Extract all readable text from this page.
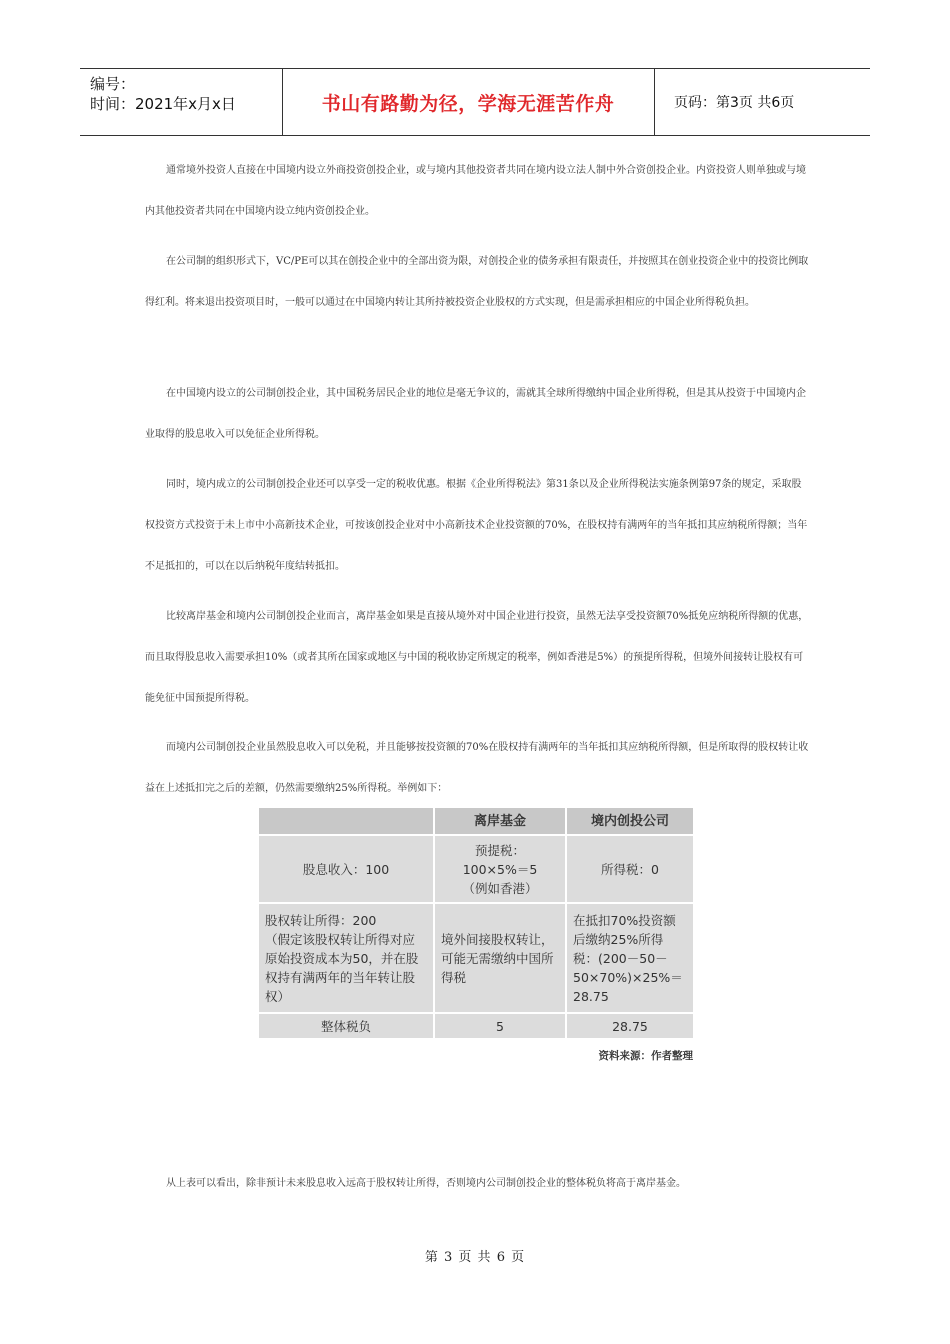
编号：
时间：2021年x月x日	书山有路勤为径，学海无涯苦作舟	页码：第3页 共6页

通常境外投资人直接在中国境内设立外商投资创投企业，或与境内其他投资者共同在境内设立法人制中外合资创投企业。内资投资人则单独或与境内其他投资者共同在中国境内设立纯内资创投企业。

在公司制的组织形式下，VC/PE可以其在创投企业中的全部出资为限，对创投企业的债务承担有限责任，并按照其在创业投资企业中的投资比例取得红利。将来退出投资项目时，一般可以通过在中国境内转让其所持被投资企业股权的方式实现，但是需承担相应的中国企业所得税负担。

在中国境内设立的公司制创投企业，其中国税务居民企业的地位是毫无争议的，需就其全球所得缴纳中国企业所得税，但是其从投资于中国境内企业取得的股息收入可以免征企业所得税。

同时，境内成立的公司制创投企业还可以享受一定的税收优惠。根据《企业所得税法》第31条以及企业所得税法实施条例第97条的规定，采取股权投资方式投资于未上市中小高新技术企业，可按该创投企业对中小高新技术企业投资额的70%，在股权持有满两年的当年抵扣其应纳税所得额；当年不足抵扣的，可以在以后纳税年度结转抵扣。

比较离岸基金和境内公司制创投企业而言，离岸基金如果是直接从境外对中国企业进行投资，虽然无法享受投资额70%抵免应纳税所得额的优惠，而且取得股息收入需要承担10%（或者其所在国家或地区与中国的税收协定所规定的税率，例如香港是5%）的预提所得税，但境外间接转让股权有可能免征中国预提所得税。

而境内公司制创投企业虽然股息收入可以免税，并且能够按投资额的70%在股权持有满两年的当年抵扣其应纳税所得额，但是所取得的股权转让收益在上述抵扣完之后的差额，仍然需要缴纳25%所得税。举例如下：

	离岸基金	境内创投公司
股息收入：100	预提税：
100×5%＝5
（例如香港）	所得税：0
股权转让所得：200
（假定该股权转让所得对应原始投资成本为50，并在股权持有满两年的当年转让股权）	境外间接股权转让，可能无需缴纳中国所得税	在抵扣70%投资额后缴纳25%所得税：(200－50－50×70%)×25%＝28.75
整体税负	5	28.75
资料来源：作者整理

从上表可以看出，除非预计未来股息收入远高于股权转让所得，否则境内公司制创投企业的整体税负将高于离岸基金。

第 3 页 共 6 页
